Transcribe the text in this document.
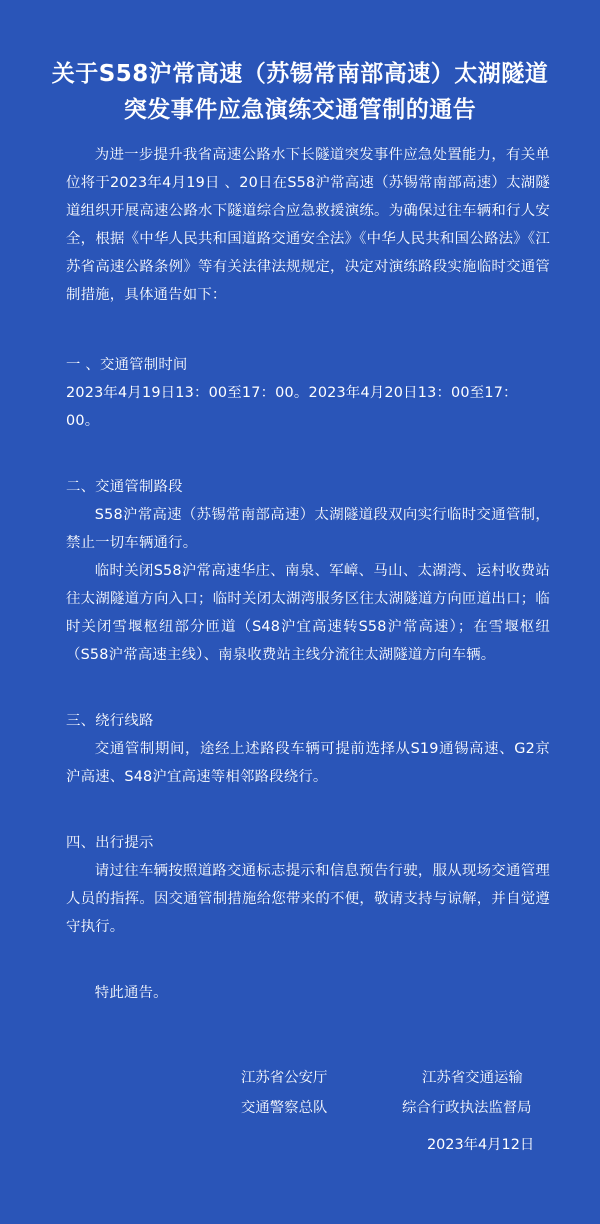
关于S58沪常高速（苏锡常南部高速）太湖隧道
突发事件应急演练交通管制的通告

为进一步提升我省高速公路水下长隧道突发事件应急处置能力，有关单位将于2023年4月19日 、20日在S58沪常高速（苏锡常南部高速）太湖隧道组织开展高速公路水下隧道综合应急救援演练。为确保过往车辆和行人安全，根据《中华人民共和国道路交通安全法》《中华人民共和国公路法》《江苏省高速公路条例》等有关法律法规规定，决定对演练路段实施临时交通管制措施，具体通告如下：

一 、交通管制时间

2023年4月19日13：00至17：00。2023年4月20日13：00至17：00。

二、交通管制路段

S58沪常高速（苏锡常南部高速）太湖隧道段双向实行临时交通管制，禁止一切车辆通行。

临时关闭S58沪常高速华庄、南泉、军嶂、马山、太湖湾、运村收费站往太湖隧道方向入口；临时关闭太湖湾服务区往太湖隧道方向匝道出口；临时关闭雪堰枢纽部分匝道（S48沪宜高速转S58沪常高速）；在雪堰枢纽（S58沪常高速主线）、南泉收费站主线分流往太湖隧道方向车辆。

三、绕行线路

交通管制期间，途经上述路段车辆可提前选择从S19通锡高速、G2京沪高速、S48沪宜高速等相邻路段绕行。

四、出行提示

请过往车辆按照道路交通标志提示和信息预告行驶，服从现场交通管理人员的指挥。因交通管制措施给您带来的不便，敬请支持与谅解，并自觉遵守执行。

特此通告。

江苏省公安厅
交通警察总队
江苏省交通运输
综合行政执法监督局
2023年4月12日
